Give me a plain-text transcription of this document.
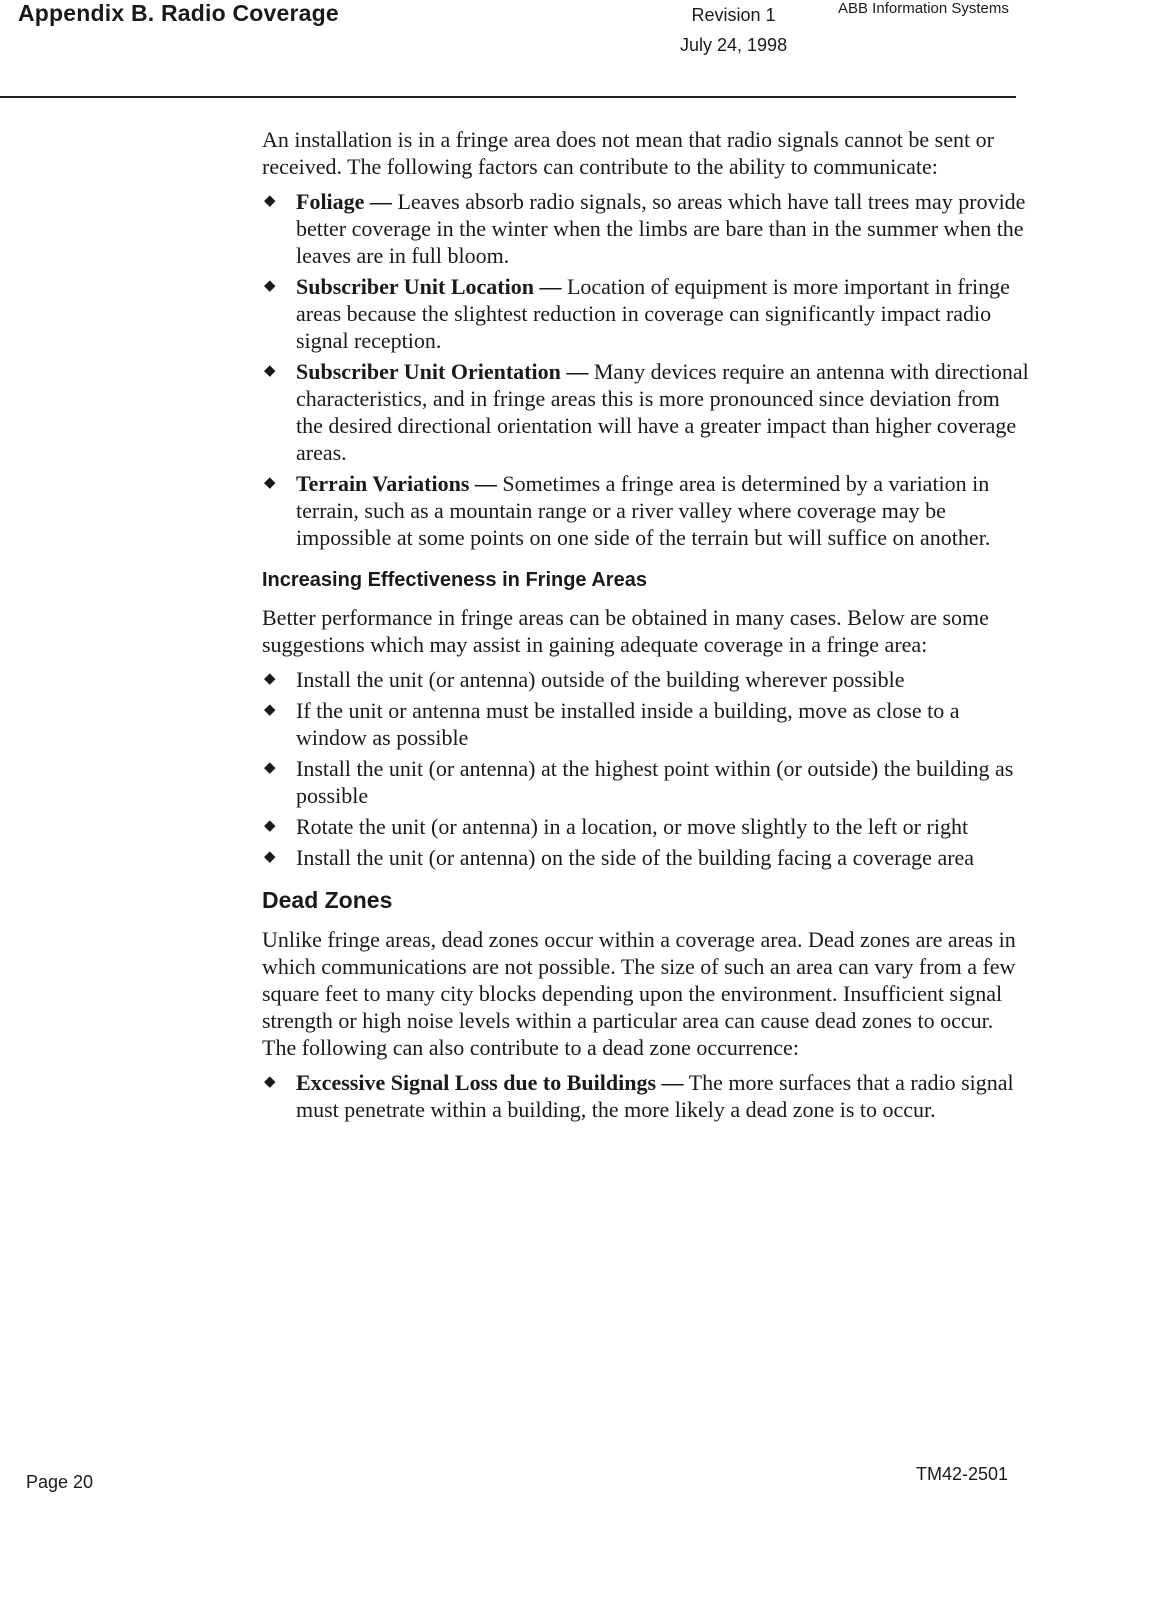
Appendix B. Radio Coverage	Revision 1
July 24, 1998
ABB Information Systems

An installation is in a fringe area does not mean that radio signals cannot be sent or received. The following factors can contribute to the ability to communicate:

◆ Foliage — Leaves absorb radio signals, so areas which have tall trees may provide better coverage in the winter when the limbs are bare than in the summer when the leaves are in full bloom.
◆ Subscriber Unit Location — Location of equipment is more important in fringe areas because the slightest reduction in coverage can significantly impact radio signal reception.
◆ Subscriber Unit Orientation — Many devices require an antenna with directional characteristics, and in fringe areas this is more pronounced since deviation from the desired directional orientation will have a greater impact than higher coverage areas.
◆ Terrain Variations — Sometimes a fringe area is determined by a variation in terrain, such as a mountain range or a river valley where coverage may be impossible at some points on one side of the terrain but will suffice on another.
Increasing Effectiveness in Fringe Areas

Better performance in fringe areas can be obtained in many cases. Below are some suggestions which may assist in gaining adequate coverage in a fringe area:

◆ Install the unit (or antenna) outside of the building wherever possible
◆ If the unit or antenna must be installed inside a building, move as close to a window as possible
◆ Install the unit (or antenna) at the highest point within (or outside) the building as possible
◆ Rotate the unit (or antenna) in a location, or move slightly to the left or right
◆ Install the unit (or antenna) on the side of the building facing a coverage area
Dead Zones

Unlike fringe areas, dead zones occur within a coverage area. Dead zones are areas in which communications are not possible. The size of such an area can vary from a few square feet to many city blocks depending upon the environment. Insufficient signal strength or high noise levels within a particular area can cause dead zones to occur. The following can also contribute to a dead zone occurrence:

◆ Excessive Signal Loss due to Buildings — The more surfaces that a radio signal must penetrate within a building, the more likely a dead zone is to occur.
Page 20	TM42-2501
